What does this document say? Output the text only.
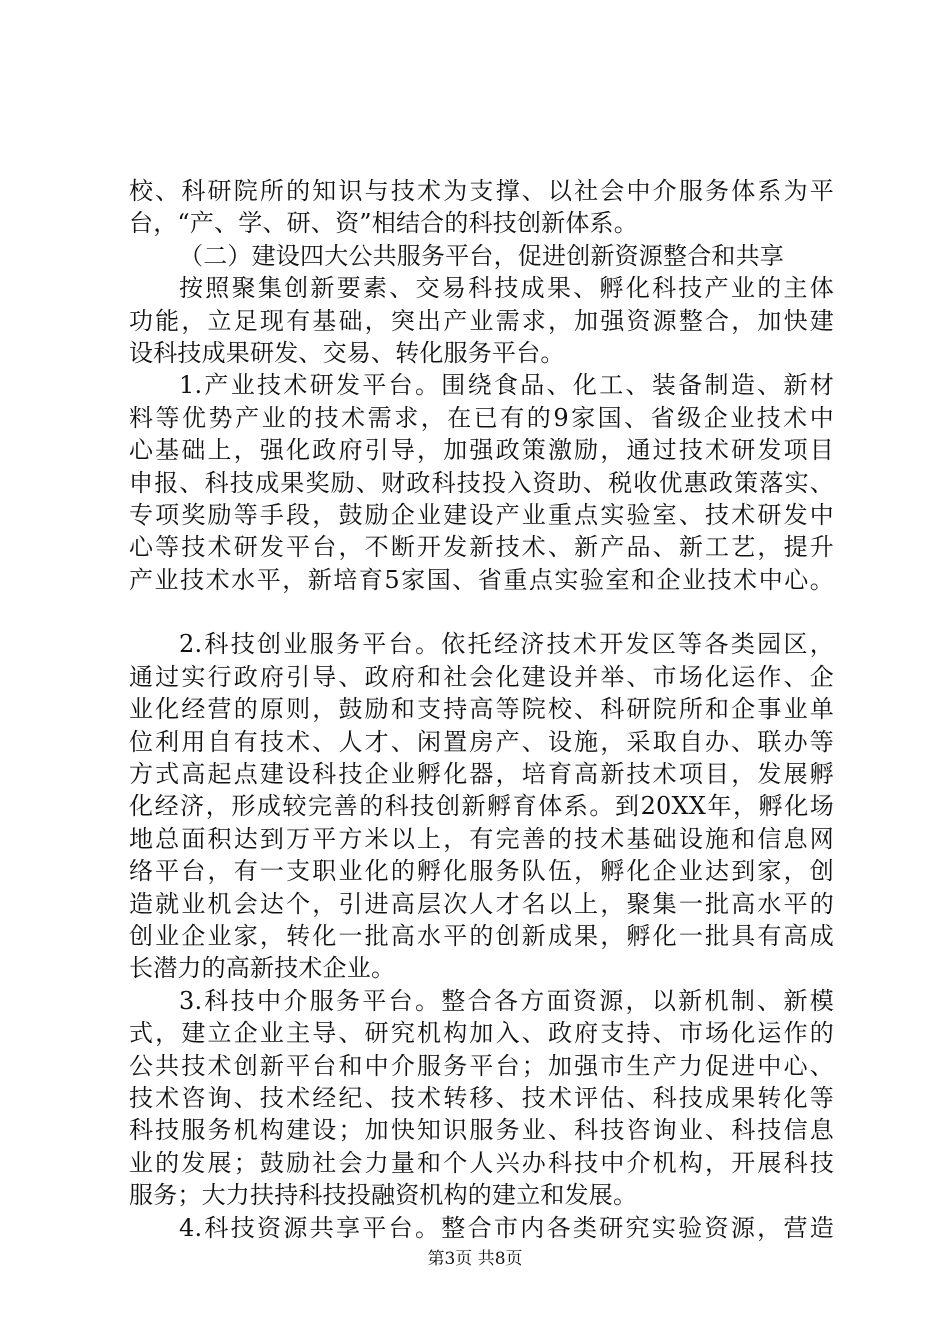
校、科研院所的知识与技术为支撑、以社会中介服务体系为平
台，“产、学、研、资”相结合的科技创新体系。
（二）建设四大公共服务平台，促进创新资源整合和共享
按照聚集创新要素、交易科技成果、孵化科技产业的主体
功能，立足现有基础，突出产业需求，加强资源整合，加快建
设科技成果研发、交易、转化服务平台。
1.产业技术研发平台。围绕食品、化工、装备制造、新材
料等优势产业的技术需求，在已有的9家国、省级企业技术中
心基础上，强化政府引导，加强政策激励，通过技术研发项目
申报、科技成果奖励、财政科技投入资助、税收优惠政策落实、
专项奖励等手段，鼓励企业建设产业重点实验室、技术研发中
心等技术研发平台，不断开发新技术、新产品、新工艺，提升
产业技术水平，新培育5家国、省重点实验室和企业技术中心。
2.科技创业服务平台。依托经济技术开发区等各类园区，
通过实行政府引导、政府和社会化建设并举、市场化运作、企
业化经营的原则，鼓励和支持高等院校、科研院所和企事业单
位利用自有技术、人才、闲置房产、设施，采取自办、联办等
方式高起点建设科技企业孵化器，培育高新技术项目，发展孵
化经济，形成较完善的科技创新孵育体系。到20XX年，孵化场
地总面积达到万平方米以上，有完善的技术基础设施和信息网
络平台，有一支职业化的孵化服务队伍，孵化企业达到家，创
造就业机会达个，引进高层次人才名以上，聚集一批高水平的
创业企业家，转化一批高水平的创新成果，孵化一批具有高成
长潜力的高新技术企业。
3.科技中介服务平台。整合各方面资源，以新机制、新模
式，建立企业主导、研究机构加入、政府支持、市场化运作的
公共技术创新平台和中介服务平台；加强市生产力促进中心、
技术咨询、技术经纪、技术转移、技术评估、科技成果转化等
科技服务机构建设；加快知识服务业、科技咨询业、科技信息
业的发展；鼓励社会力量和个人兴办科技中介机构，开展科技
服务；大力扶持科技投融资机构的建立和发展。
4.科技资源共享平台。整合市内各类研究实验资源，营造
第3页 共8页
